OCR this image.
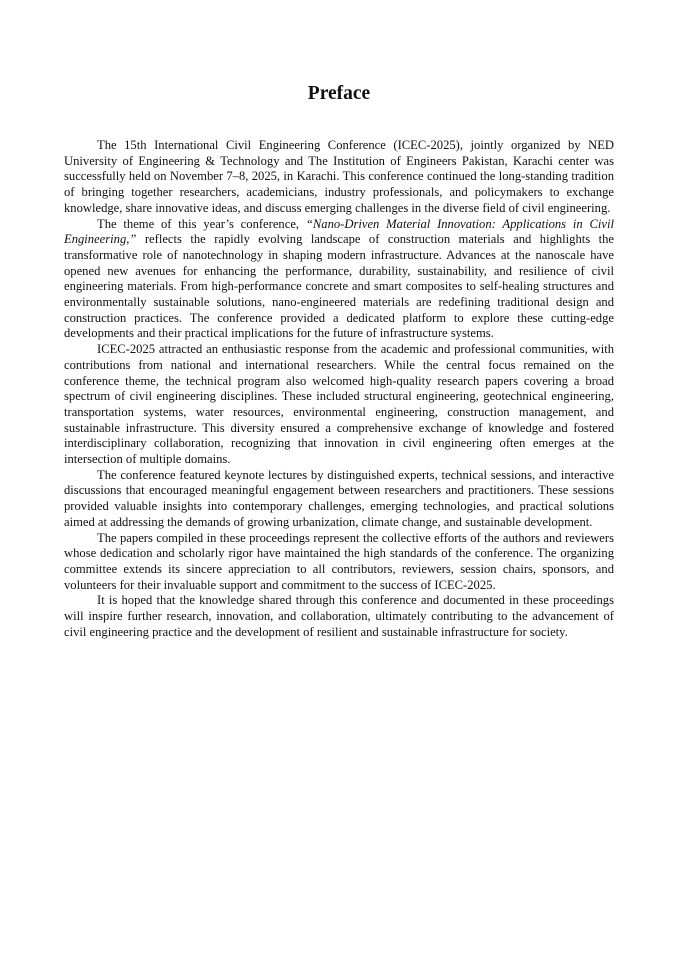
Preface

The 15th International Civil Engineering Conference (ICEC-2025), jointly organized by NED University of Engineering & Technology and The Institution of Engineers Pakistan, Karachi center was successfully held on November 7–8, 2025, in Karachi. This conference continued the long-standing tradition of bringing together researchers, academicians, industry professionals, and policymakers to exchange knowledge, share innovative ideas, and discuss emerging challenges in the diverse field of civil engineering.

The theme of this year’s conference, “Nano-Driven Material Innovation: Applications in Civil Engineering,” reflects the rapidly evolving landscape of construction materials and highlights the transformative role of nanotechnology in shaping modern infrastructure. Advances at the nanoscale have opened new avenues for enhancing the performance, durability, sustainability, and resilience of civil engineering materials. From high-performance concrete and smart composites to self-healing structures and environmentally sustainable solutions, nano-engineered materials are redefining traditional design and construction practices. The conference provided a dedicated platform to explore these cutting-edge developments and their practical implications for the future of infrastructure systems.

ICEC-2025 attracted an enthusiastic response from the academic and professional communities, with contributions from national and international researchers. While the central focus remained on the conference theme, the technical program also welcomed high-quality research papers covering a broad spectrum of civil engineering disciplines. These included structural engineering, geotechnical engineering, transportation systems, water resources, environmental engineering, construction management, and sustainable infrastructure. This diversity ensured a comprehensive exchange of knowledge and fostered interdisciplinary collaboration, recognizing that innovation in civil engineering often emerges at the intersection of multiple domains.

The conference featured keynote lectures by distinguished experts, technical sessions, and interactive discussions that encouraged meaningful engagement between researchers and practitioners. These sessions provided valuable insights into contemporary challenges, emerging technologies, and practical solutions aimed at addressing the demands of growing urbanization, climate change, and sustainable development.

The papers compiled in these proceedings represent the collective efforts of the authors and reviewers whose dedication and scholarly rigor have maintained the high standards of the conference. The organizing committee extends its sincere appreciation to all contributors, reviewers, session chairs, sponsors, and volunteers for their invaluable support and commitment to the success of ICEC-2025.

It is hoped that the knowledge shared through this conference and documented in these proceedings will inspire further research, innovation, and collaboration, ultimately contributing to the advancement of civil engineering practice and the development of resilient and sustainable infrastructure for society.
